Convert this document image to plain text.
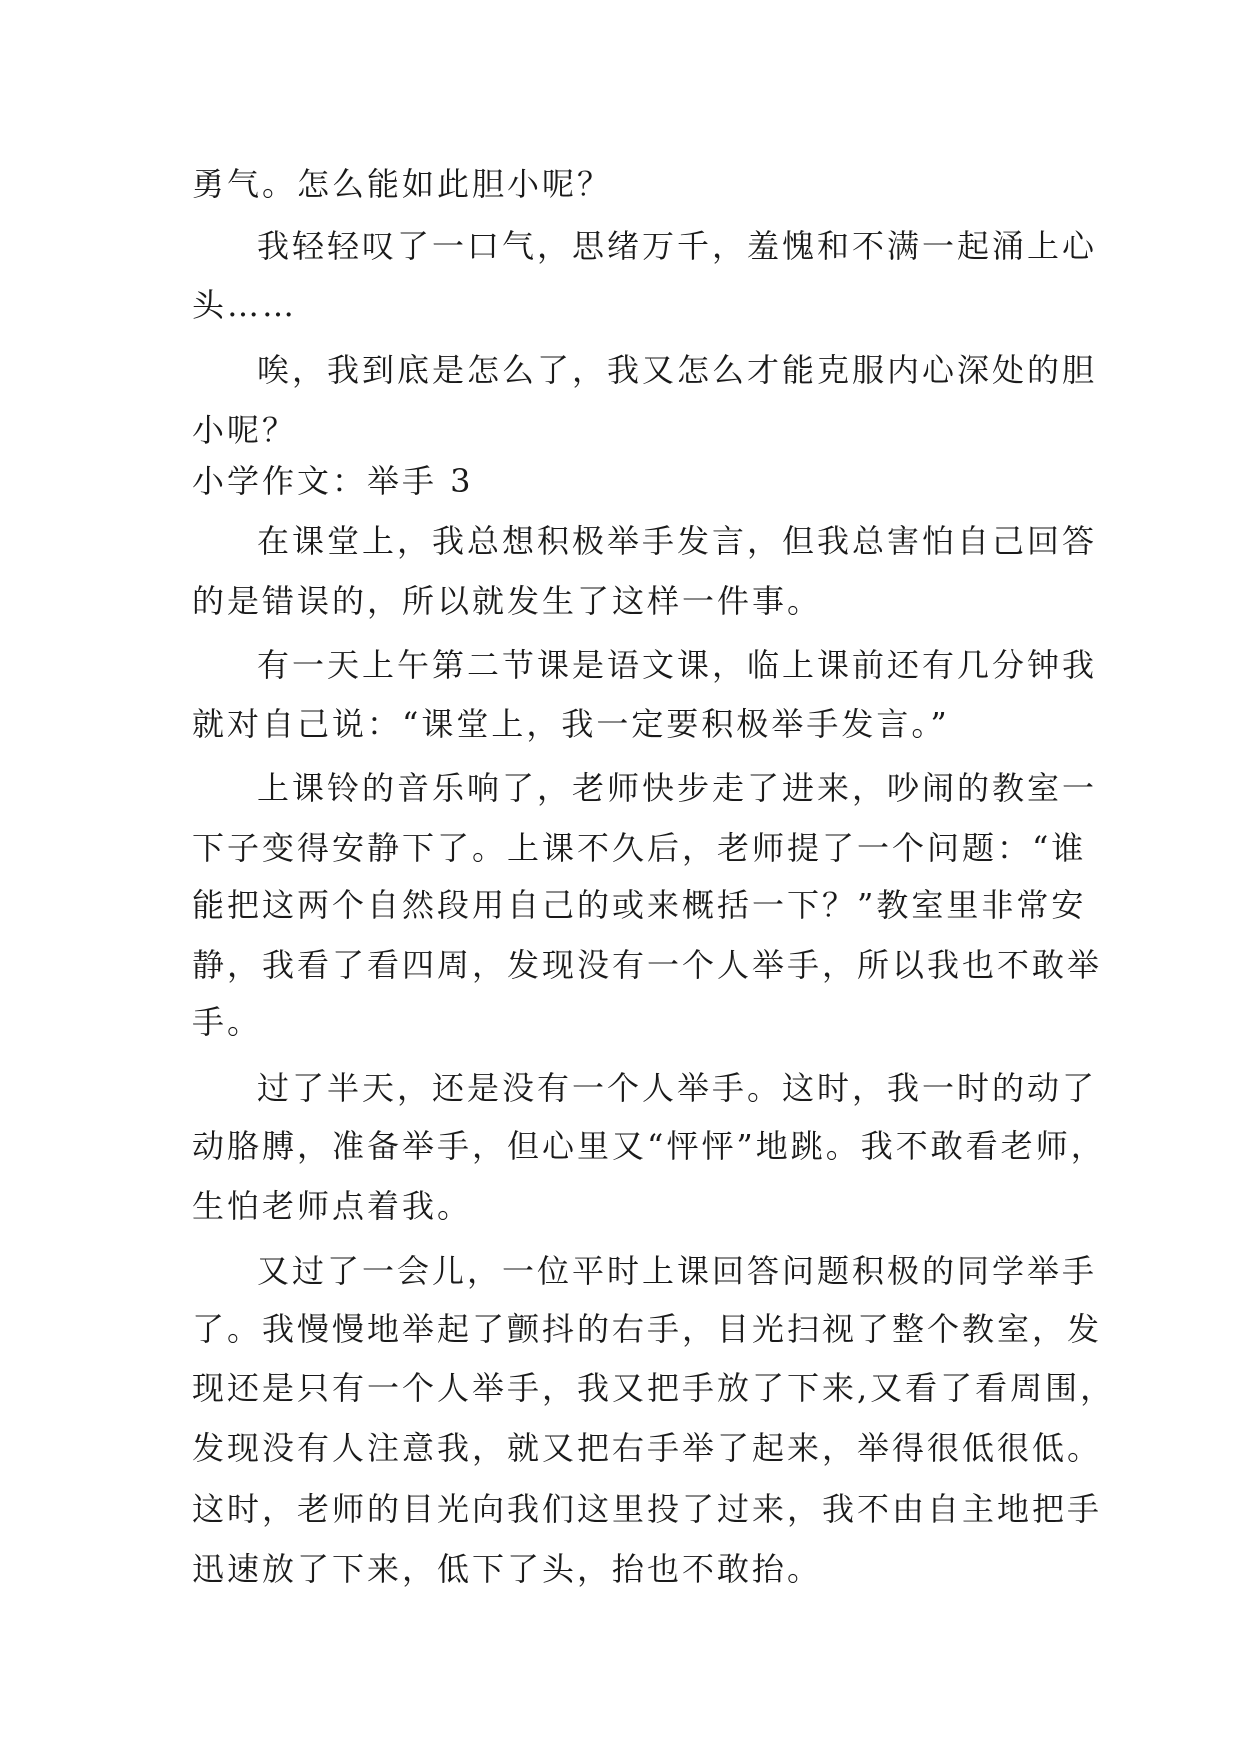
勇气。怎么能如此胆小呢？
我轻轻叹了一口气，思绪万千，羞愧和不满一起涌上心
头……
唉，我到底是怎么了，我又怎么才能克服内心深处的胆
小呢？
小学作文：举手 3
在课堂上，我总想积极举手发言，但我总害怕自己回答
的是错误的，所以就发生了这样一件事。
有一天上午第二节课是语文课，临上课前还有几分钟我
就对自己说：“课堂上，我一定要积极举手发言。”
上课铃的音乐响了，老师快步走了进来，吵闹的教室一
下子变得安静下了。上课不久后，老师提了一个问题：“谁
能把这两个自然段用自己的或来概括一下？”教室里非常安
静，我看了看四周，发现没有一个人举手，所以我也不敢举
手。
过了半天，还是没有一个人举手。这时，我一时的动了
动胳膊，准备举手，但心里又“怦怦”地跳。我不敢看老师，
生怕老师点着我。
又过了一会儿，一位平时上课回答问题积极的同学举手
了。我慢慢地举起了颤抖的右手，目光扫视了整个教室，发
现还是只有一个人举手，我又把手放了下来,又看了看周围，
发现没有人注意我，就又把右手举了起来，举得很低很低。
这时，老师的目光向我们这里投了过来，我不由自主地把手
迅速放了下来，低下了头，抬也不敢抬。
